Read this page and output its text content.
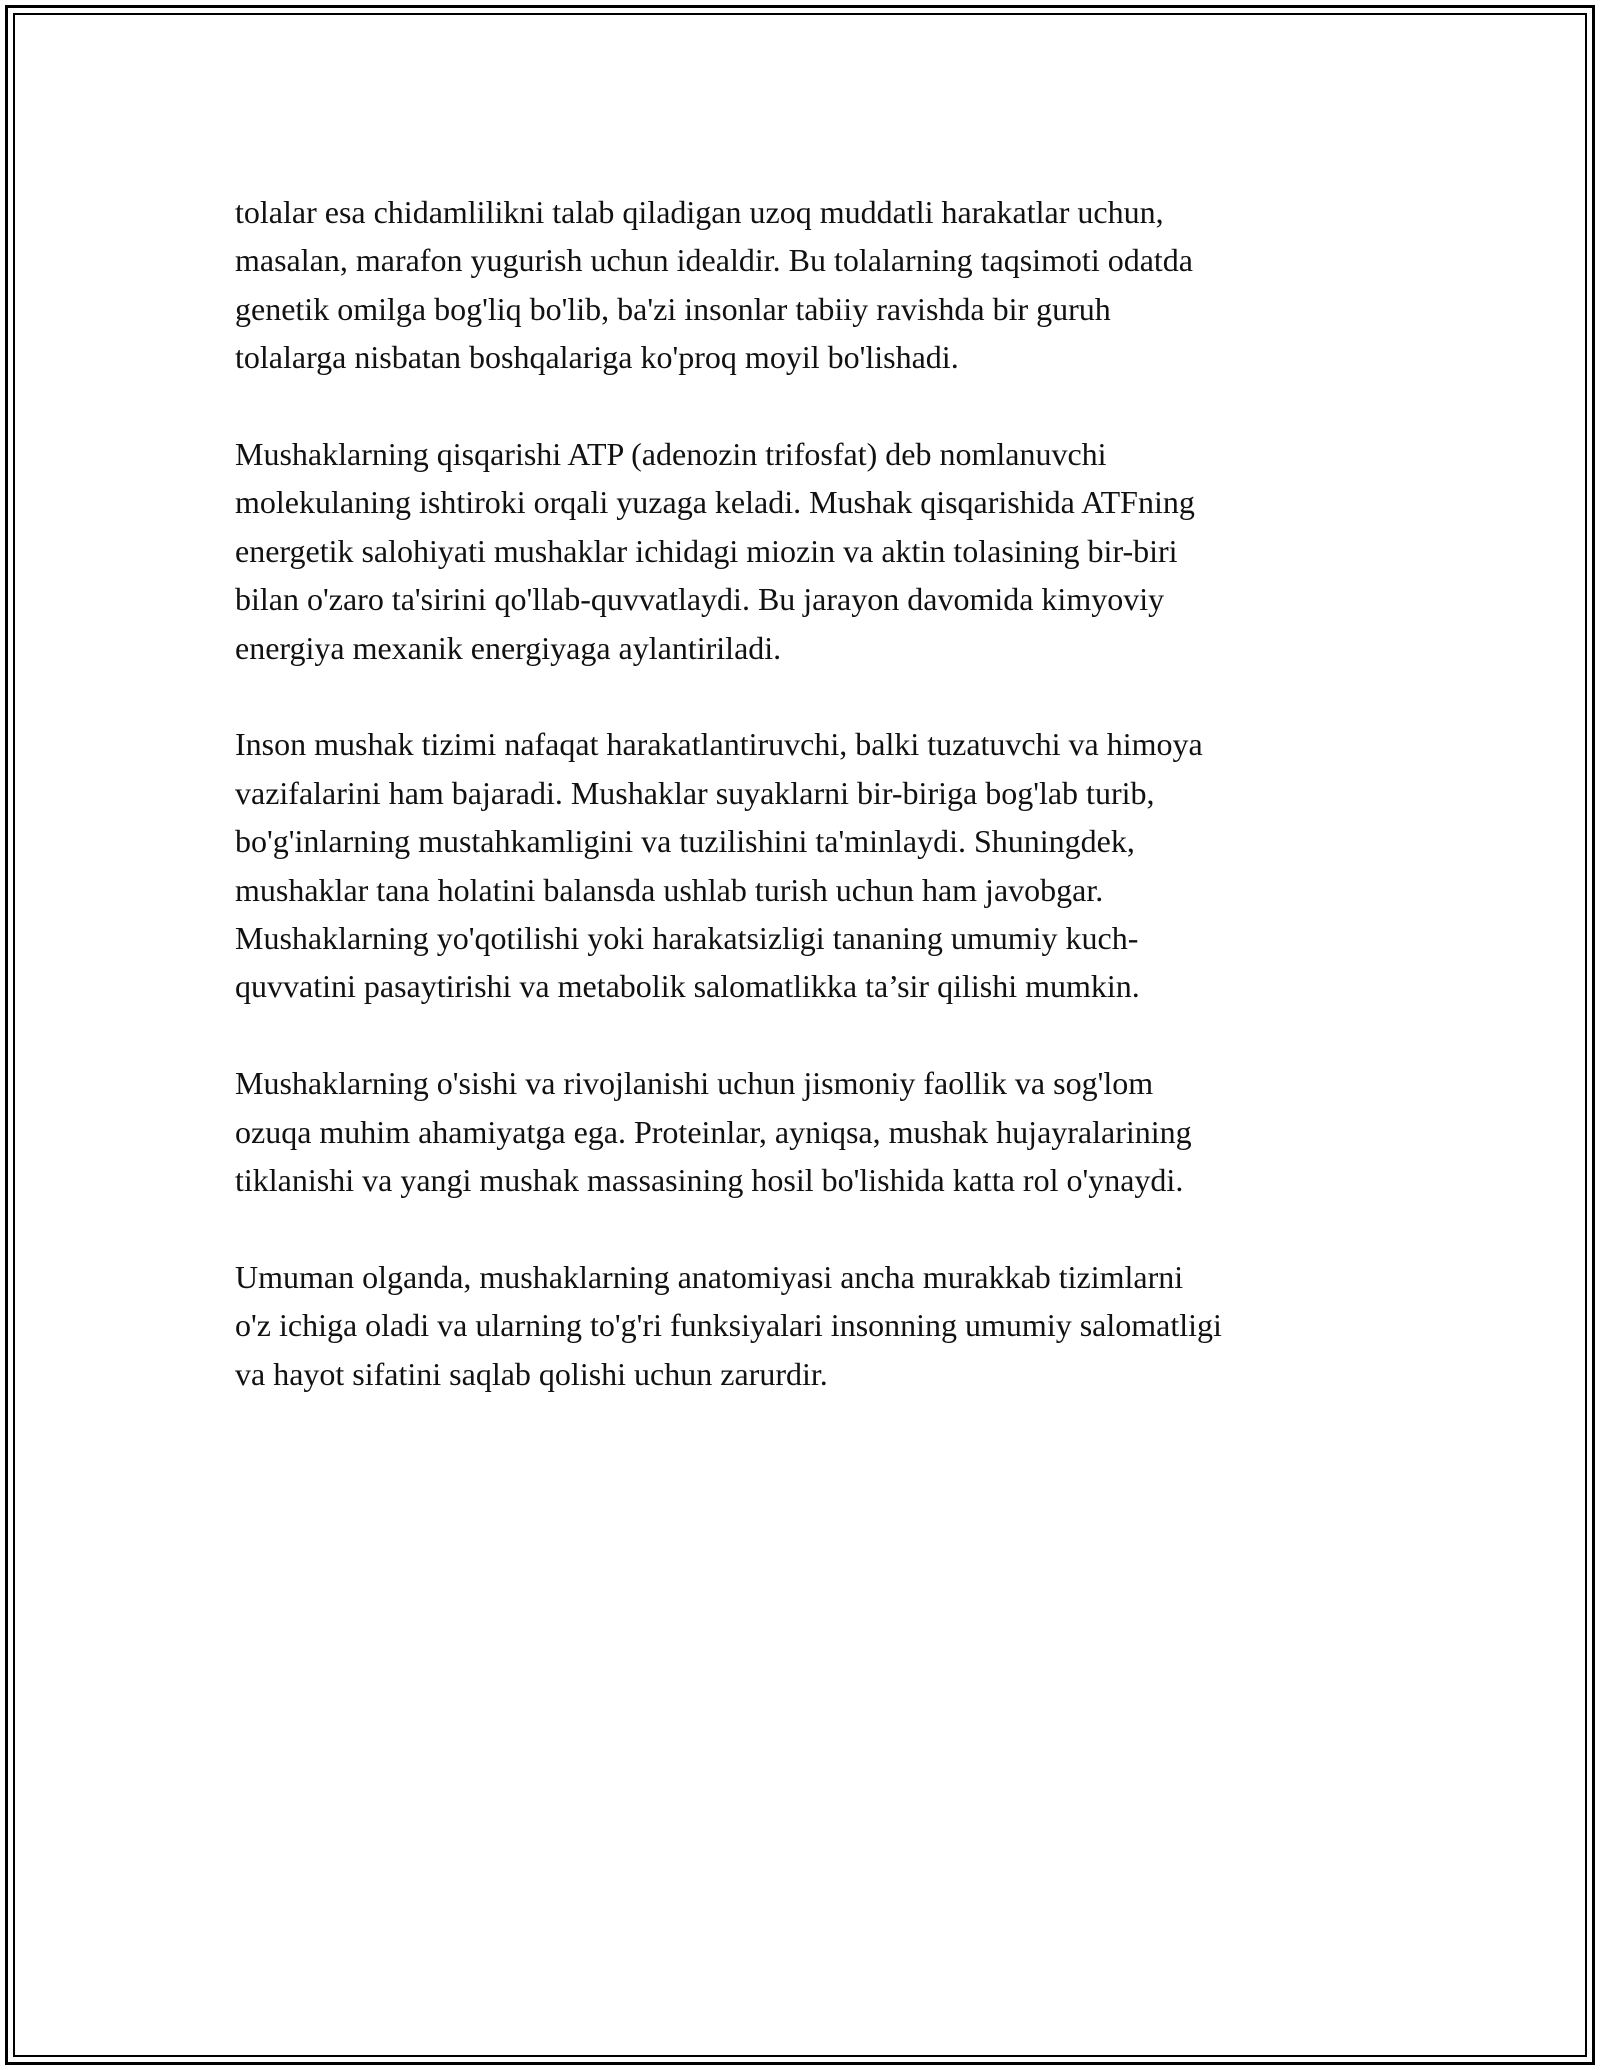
tolalar esa chidamlilikni talab qiladigan uzoq muddatli harakatlar uchun,
masalan, marafon yugurish uchun idealdir. Bu tolalarning taqsimoti odatda
genetik omilga bog'liq bo'lib, ba'zi insonlar tabiiy ravishda bir guruh
tolalarga nisbatan boshqalariga ko'proq moyil bo'lishadi.
Mushaklarning qisqarishi ATP (adenozin trifosfat) deb nomlanuvchi
molekulaning ishtiroki orqali yuzaga keladi. Mushak qisqarishida ATFning
energetik salohiyati mushaklar ichidagi miozin va aktin tolasining bir-biri
bilan o'zaro ta'sirini qo'llab-quvvatlaydi. Bu jarayon davomida kimyoviy
energiya mexanik energiyaga aylantiriladi.
Inson mushak tizimi nafaqat harakatlantiruvchi, balki tuzatuvchi va himoya
vazifalarini ham bajaradi. Mushaklar suyaklarni bir-biriga bog'lab turib,
bo'g'inlarning mustahkamligini va tuzilishini ta'minlaydi. Shuningdek,
mushaklar tana holatini balansda ushlab turish uchun ham javobgar.
Mushaklarning yo'qotilishi yoki harakatsizligi tananing umumiy kuch-
quvvatini pasaytirishi va metabolik salomatlikka ta’sir qilishi mumkin.
Mushaklarning o'sishi va rivojlanishi uchun jismoniy faollik va sog'lom
ozuqa muhim ahamiyatga ega. Proteinlar, ayniqsa, mushak hujayralarining
tiklanishi va yangi mushak massasining hosil bo'lishida katta rol o'ynaydi.
Umuman olganda, mushaklarning anatomiyasi ancha murakkab tizimlarni
o'z ichiga oladi va ularning to'g'ri funksiyalari insonning umumiy salomatligi
va hayot sifatini saqlab qolishi uchun zarurdir.
